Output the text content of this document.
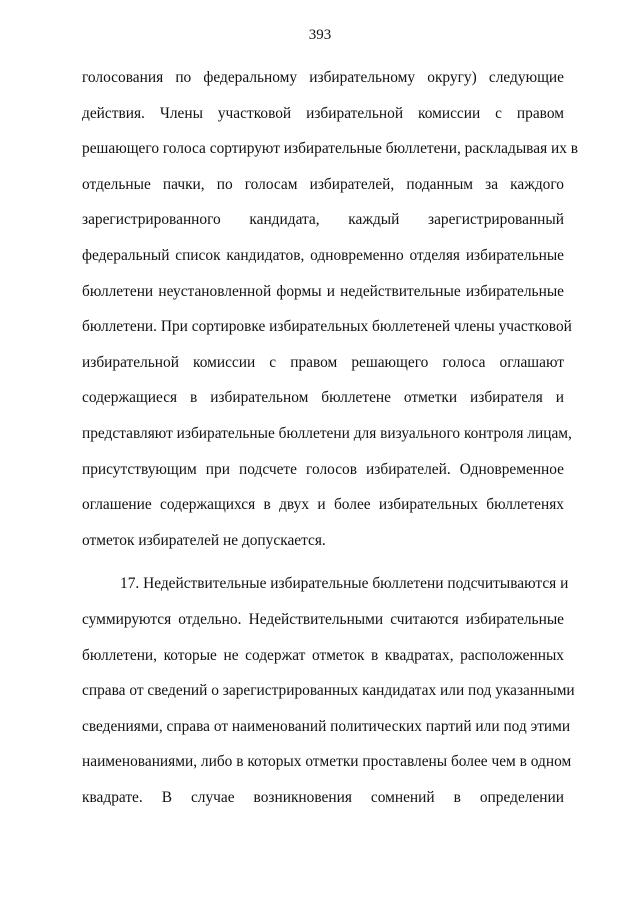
393
голосования по федеральному избирательному округу) следующие
действия. Члены участковой избирательной комиссии с правом
решающего голоса сортируют избирательные бюллетени, раскладывая их в
отдельные пачки, по голосам избирателей, поданным за каждого
зарегистрированного кандидата, каждый зарегистрированный
федеральный список кандидатов, одновременно отделяя избирательные
бюллетени неустановленной формы и недействительные избирательные
бюллетени. При сортировке избирательных бюллетеней члены участковой
избирательной комиссии с правом решающего голоса оглашают
содержащиеся в избирательном бюллетене отметки избирателя и
представляют избирательные бюллетени для визуального контроля лицам,
присутствующим при подсчете голосов избирателей. Одновременное
оглашение содержащихся в двух и более избирательных бюллетенях
отметок избирателей не допускается.
17. Недействительные избирательные бюллетени подсчитываются и
суммируются отдельно. Недействительными считаются избирательные
бюллетени, которые не содержат отметок в квадратах, расположенных
справа от сведений о зарегистрированных кандидатах или под указанными
сведениями, справа от наименований политических партий или под этими
наименованиями, либо в которых отметки проставлены более чем в одном
квадрате. В случае возникновения сомнений в определении
